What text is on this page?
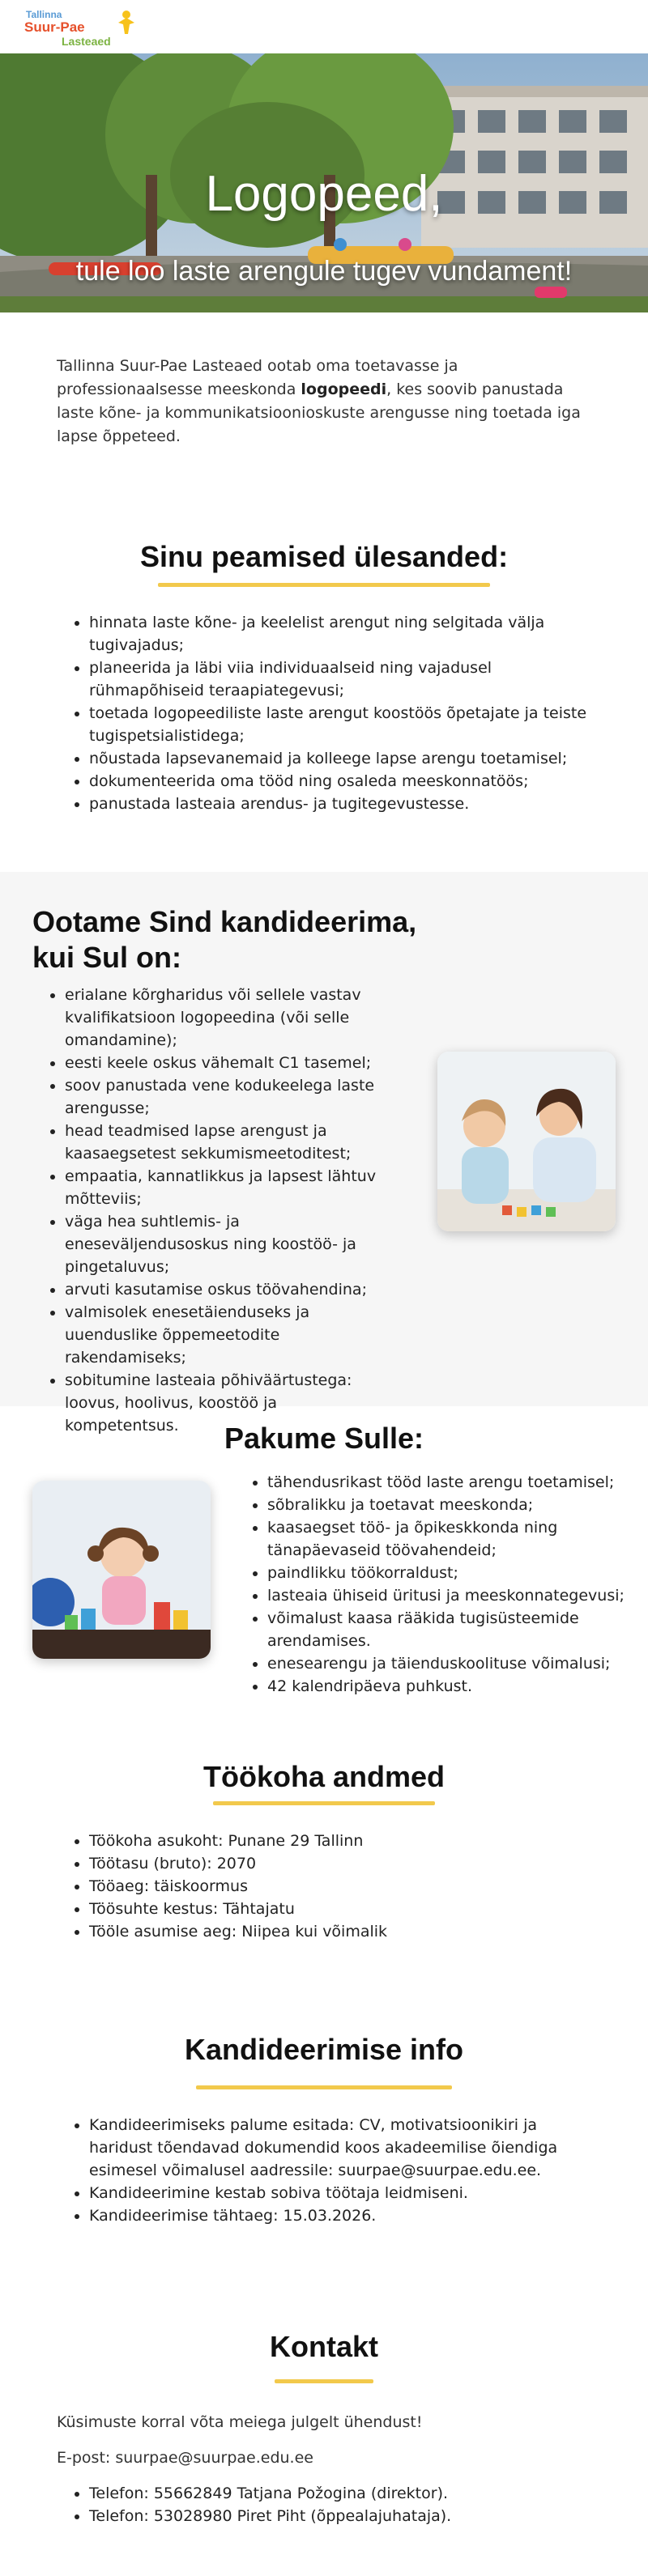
Tallinna
Suur-Pae
Lasteaed
Logopeed,
tule loo laste arengule tugev vundament!

Tallinna Suur-Pae Lasteaed ootab oma toetavasse ja professionaalsesse meeskonda logopeedi, kes soovib panustada laste kõne- ja kommunikatsioonioskuste arengusse ning toetada iga lapse õppeteed.

Sinu peamised ülesanded:
• hinnata laste kõne- ja keelelist arengut ning selgitada välja tugivajadus;
• planeerida ja läbi viia individuaalseid ning vajadusel rühmapõhiseid teraapiategevusi;
• toetada logopeediliste laste arengut koostöös õpetajate ja teiste tugispetsialistidega;
• nõustada lapsevanemaid ja kolleege lapse arengu toetamisel;
• dokumenteerida oma tööd ning osaleda meeskonnatöös;
• panustada lasteaia arendus- ja tugitegevustesse.
Ootame Sind kandideerima, kui Sul on:
• erialane kõrgharidus või sellele vastav kvalifikatsioon logopeedina (või selle omandamine);
• eesti keele oskus vähemalt C1 tasemel;
• soov panustada vene kodukeelega laste arengusse;
• head teadmised lapse arengust ja kaasaegsetest sekkumismeetoditest;
• empaatia, kannatlikkus ja lapsest lähtuv mõtteviis;
• väga hea suhtlemis- ja eneseväljendusoskus ning koostöö- ja pingetaluvus;
• arvuti kasutamise oskus töövahendina;
• valmisolek enesetäienduseks ja uuenduslike õppemeetodite rakendamiseks;
• sobitumine lasteaia põhiväärtustega: loovus, hoolivus, koostöö ja kompetentsus.	Pakume Sulle:
• tähendusrikast tööd laste arengu toetamisel;
• sõbralikku ja toetavat meeskonda;
• kaasaegset töö- ja õpikeskkonda ning tänapäevaseid töövahendeid;
• paindlikku töökorraldust;
• lasteaia ühiseid üritusi ja meeskonnategevusi;
• võimalust kaasa rääkida tugisüsteemide arendamises.
• enesearengu ja täienduskoolituse võimalusi;
• 42 kalendripäeva puhkust.
Töökoha andmed
• Töökoha asukoht: Punane 29 Tallinn
• Töötasu (bruto): 2070
• Tööaeg: täiskoormus
• Töösuhte kestus: Tähtajatu
• Tööle asumise aeg: Niipea kui võimalik
Kandideerimise info
• Kandideerimiseks palume esitada: CV, motivatsioonikiri ja haridust tõendavad dokumendid koos akadeemilise õiendiga esimesel võimalusel aadressile: suurpae@suurpae.edu.ee.
• Kandideerimine kestab sobiva töötaja leidmiseni.
• Kandideerimise tähtaeg: 15.03.2026.
Kontakt

Küsimuste korral võta meiega julgelt ühendust!

E-post: suurpae@suurpae.edu.ee

• Telefon: 55662849 Tatjana Požogina (direktor).
• Telefon: 53028980 Piret Piht (õppealajuhataja).
